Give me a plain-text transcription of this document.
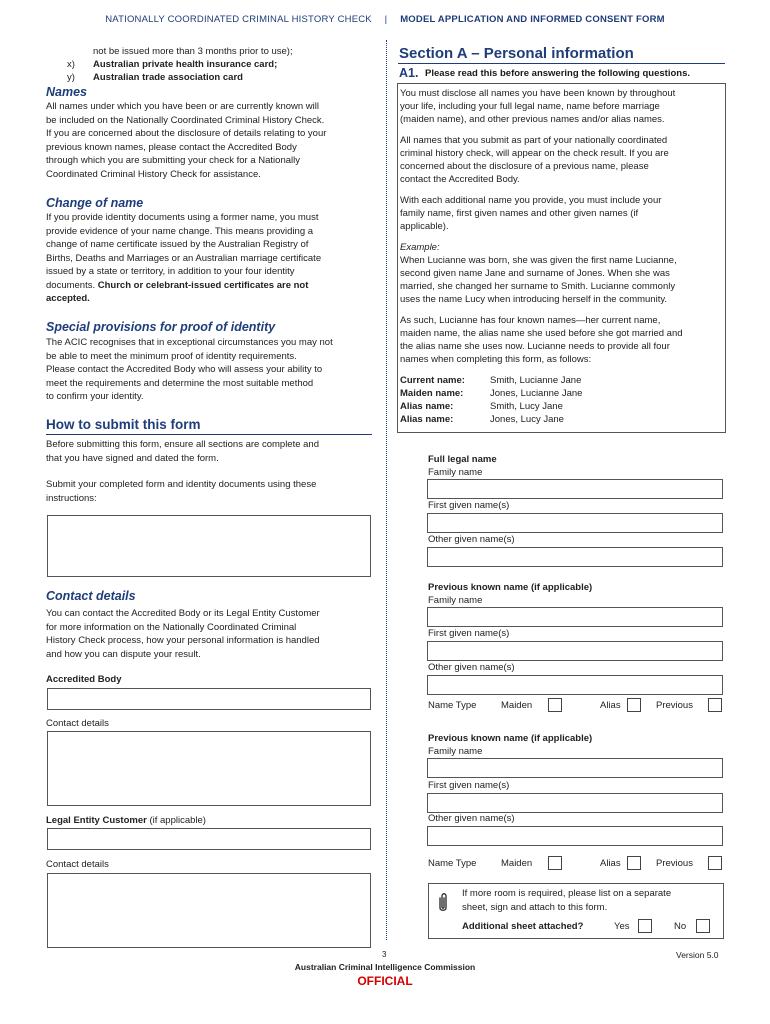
NATIONALLY COORDINATED CRIMINAL HISTORY CHECK | MODEL APPLICATION AND INFORMED CONSENT FORM
not be issued more than 3 months prior to use);
x) Australian private health insurance card;
y) Australian trade association card
Names
All names under which you have been or are currently known will
be included on the Nationally Coordinated Criminal History Check.
If you are concerned about the disclosure of details relating to your
previous known names, please contact the Accredited Body
through which you are submitting your check for a Nationally
Coordinated Criminal History Check for assistance.
Change of name
If you provide identity documents using a former name, you must
provide evidence of your name change. This means providing a
change of name certificate issued by the Australian Registry of
Births, Deaths and Marriages or an Australian marriage certificate
issued by a state or territory, in addition to your four identity
documents. Church or celebrant-issued certificates are not
accepted.
Special provisions for proof of identity
The ACIC recognises that in exceptional circumstances you may not
be able to meet the minimum proof of identity requirements.
Please contact the Accredited Body who will assess your ability to
meet the requirements and determine the most suitable method
to confirm your identity.
How to submit this form
Before submitting this form, ensure all sections are complete and
that you have signed and dated the form.
Submit your completed form and identity documents using these
instructions:
Contact details
You can contact the Accredited Body or its Legal Entity Customer
for more information on the Nationally Coordinated Criminal
History Check process, how your personal information is handled
and how you can dispute your result.
Accredited Body
Contact details
Legal Entity Customer (if applicable)
Contact details
Section A – Personal information
A1. Please read this before answering the following questions.
You must disclose all names you have been known by throughout
your life, including your full legal name, name before marriage
(maiden name), and other previous names and/or alias names.
All names that you submit as part of your nationally coordinated
criminal history check, will appear on the check result. If you are
concerned about the disclosure of a previous name, please
contact the Accredited Body.
With each additional name you provide, you must include your
family name, first given names and other given names (if
applicable).
Example:
When Lucianne was born, she was given the first name Lucianne,
second given name Jane and surname of Jones. When she was
married, she changed her surname to Smith. Lucianne commonly
uses the name Lucy when introducing herself in the community.
As such, Lucianne has four known names—her current name,
maiden name, the alias name she used before she got married and
the alias name she uses now. Lucianne needs to provide all four
names when completing this form, as follows:
Current name:	Smith, Lucianne Jane
Maiden name:	Jones, Lucianne Jane
Alias name:	Smith, Lucy Jane
Alias name:	Jones, Lucy Jane
Full legal name
Family name
First given name(s)
Other given name(s)
Previous known name (if applicable)
Family name
First given name(s)
Other given name(s)
Name Type	Maiden	Alias	Previous
Previous known name (if applicable)
Family name
First given name(s)
Other given name(s)
Name Type	Maiden	Alias	Previous
If more room is required, please list on a separate
sheet, sign and attach to this form.
Additional sheet attached?	Yes	No
3	Version 5.0
Australian Criminal Intelligence Commission
OFFICIAL
